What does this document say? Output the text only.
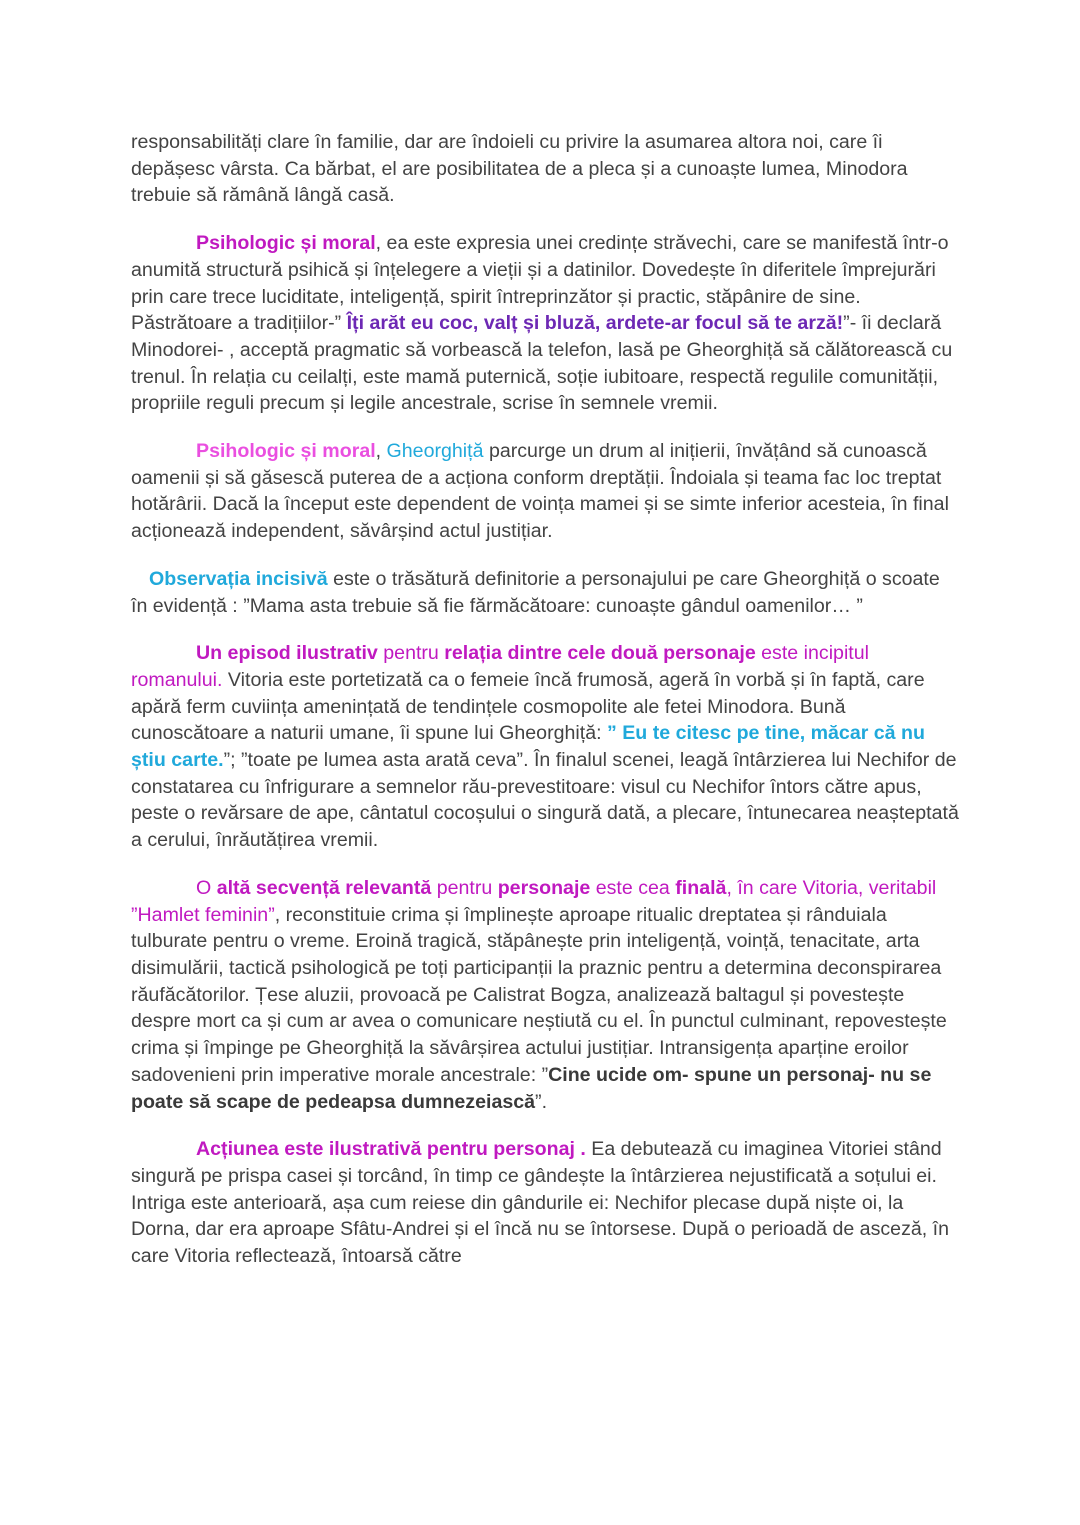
responsabilități clare în familie, dar are îndoieli cu privire la asumarea altora noi, care îi depășesc vârsta. Ca bărbat, el are posibilitatea de a pleca și a cunoaște lumea, Minodora trebuie să rămână lângă casă.

Psihologic și moral, ea este expresia unei credințe străvechi, care se manifestă într-o anumită structură psihică și înțelegere a vieții și a datinilor. Dovedește în diferitele împrejurări prin care trece luciditate, inteligență, spirit întreprinzător și practic, stăpânire de sine. Păstrătoare a tradițiilor-” Îți arăt eu coc, valț și bluză, ardete-ar focul să te arză!”- îi declară Minodorei- , acceptă pragmatic să vorbească la telefon, lasă pe Gheorghiță să călătorească cu trenul. În relația cu ceilalți, este mamă puternică, soție iubitoare, respectă regulile comunității, propriile reguli precum și legile ancestrale, scrise în semnele vremii.

Psihologic și moral, Gheorghiță parcurge un drum al inițierii, învățând să cunoască oamenii și să găsescă puterea de a acționa conform dreptății. Îndoiala și teama fac loc treptat hotărârii. Dacă la început este dependent de voința mamei și se simte inferior acesteia, în final acționează independent, săvârșind actul justițiar.

Observația incisivă este o trăsătură definitorie a personajului pe care Gheorghiță o scoate în evidență : ”Mama asta trebuie să fie fărmăcătoare: cunoaște gândul oamenilor… ”

Un episod ilustrativ pentru relația dintre cele două personaje este incipitul romanului. Vitoria este portetizată ca o femeie încă frumosă, ageră în vorbă și în faptă, care apără ferm cuviința amenințată de tendințele cosmopolite ale fetei Minodora. Bună cunoscătoare a naturii umane, îi spune lui Gheorghiță: ” Eu te citesc pe tine, măcar că nu știu carte.”; ”toate pe lumea asta arată ceva”. În finalul scenei, leagă întârzierea lui Nechifor de constatarea cu înfrigurare a semnelor rău-prevestitoare: visul cu Nechifor întors către apus, peste o revărsare de ape, cântatul cocoșului o singură dată, a plecare, întunecarea neașteptată a cerului, înrăutățirea vremii.

O altă secvență relevantă pentru personaje este cea finală, în care Vitoria, veritabil ”Hamlet feminin”, reconstituie crima și împlinește aproape ritualic dreptatea și rânduiala tulburate pentru o vreme. Eroină tragică, stăpânește prin inteligență, voință, tenacitate, arta disimulării, tactică psihologică pe toți participanții la praznic pentru a determina deconspirarea răufăcătorilor. Țese aluzii, provoacă pe Calistrat Bogza, analizează baltagul și povestește despre mort ca și cum ar avea o comunicare neștiută cu el. În punctul culminant, repovestește crima și împinge pe Gheorghiță la săvârșirea actului justițiar. Intransigența aparține eroilor sadovenieni prin imperative morale ancestrale: ”Cine ucide om- spune un personaj- nu se poate să scape de pedeapsa dumnezeiască”.

Acțiunea este ilustrativă pentru personaj . Ea debutează cu imaginea Vitoriei stând singură pe prispa casei și torcând, în timp ce gândește la întârzierea nejustificată a soțului ei. Intriga este anterioară, așa cum reiese din gândurile ei: Nechifor plecase după niște oi, la Dorna, dar era aproape Sfâtu-Andrei și el încă nu se întorsese. După o perioadă de asceză, în care Vitoria reflectează, întoarsă către
